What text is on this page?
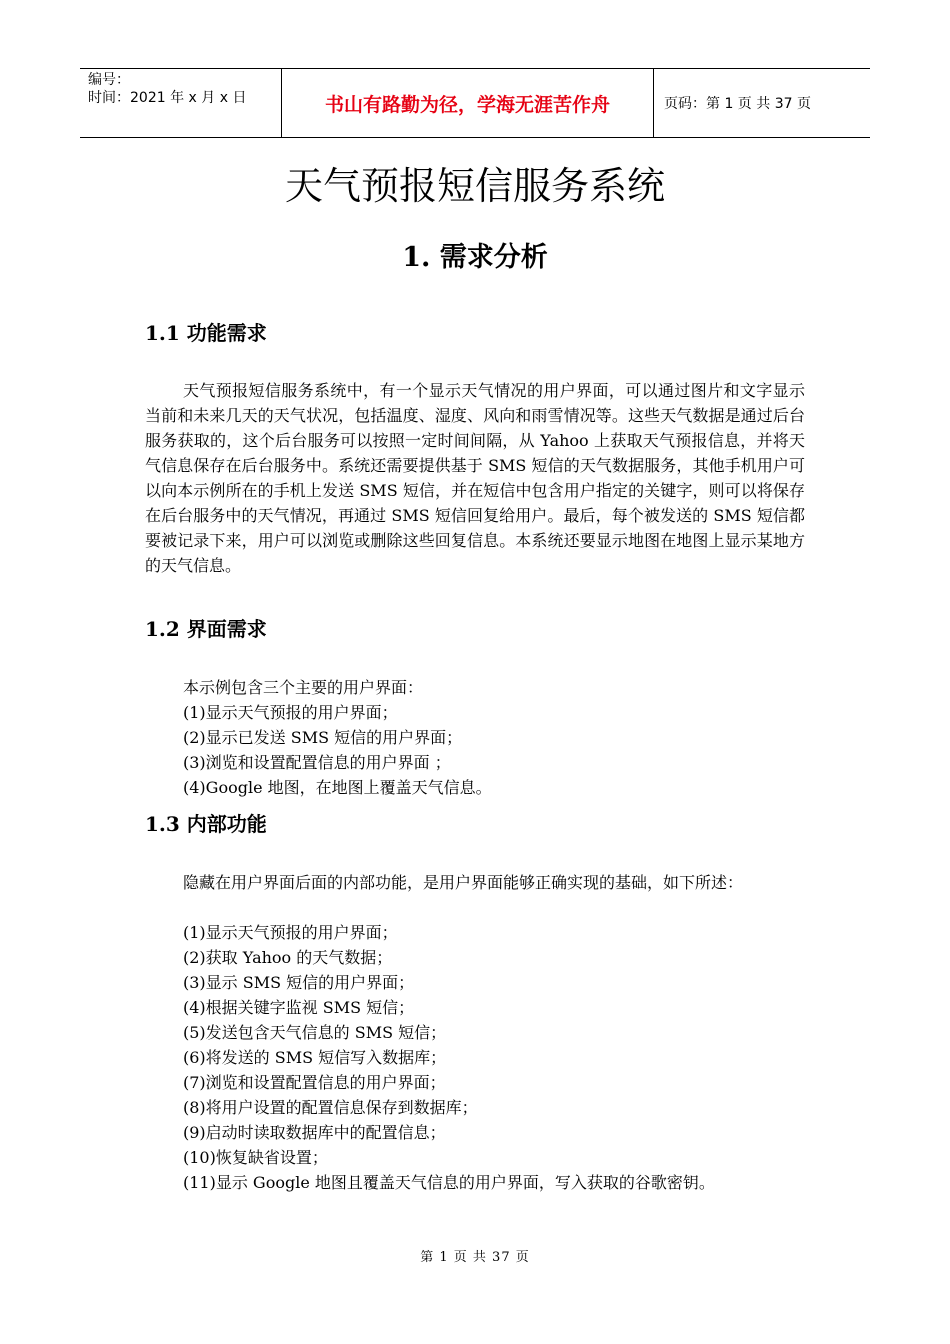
编号：
时间：2021 年 x 月 x 日	书山有路勤为径，学海无涯苦作舟	页码：第 1 页 共 37 页
天气预报短信服务系统
1. 需求分析
1.1 功能需求
天气预报短信服务系统中，有一个显示天气情况的用户界面，可以通过图片和文字显示当前和未来几天的天气状况，包括温度、湿度、风向和雨雪情况等。这些天气数据是通过后台服务获取的，这个后台服务可以按照一定时间间隔，从 Yahoo 上获取天气预报信息，并将天气信息保存在后台服务中。系统还需要提供基于 SMS 短信的天气数据服务，其他手机用户可以向本示例所在的手机上发送 SMS 短信，并在短信中包含用户指定的关键字，则可以将保存在后台服务中的天气情况，再通过 SMS 短信回复给用户。最后，每个被发送的 SMS 短信都要被记录下来，用户可以浏览或删除这些回复信息。本系统还要显示地图在地图上显示某地方的天气信息。
1.2 界面需求
本示例包含三个主要的用户界面：
(1)显示天气预报的用户界面；
(2)显示已发送 SMS 短信的用户界面；
(3)浏览和设置配置信息的用户界面 ；
(4)Google 地图，在地图上覆盖天气信息。
1.3 内部功能
隐藏在用户界面后面的内部功能，是用户界面能够正确实现的基础，如下所述：
(1)显示天气预报的用户界面；
(2)获取 Yahoo 的天气数据；
(3)显示 SMS 短信的用户界面；
(4)根据关键字监视 SMS 短信；
(5)发送包含天气信息的 SMS 短信；
(6)将发送的 SMS 短信写入数据库；
(7)浏览和设置配置信息的用户界面；
(8)将用户设置的配置信息保存到数据库；
(9)启动时读取数据库中的配置信息；
(10)恢复缺省设置；
(11)显示 Google 地图且覆盖天气信息的用户界面，写入获取的谷歌密钥。
第 1 页 共 37 页
